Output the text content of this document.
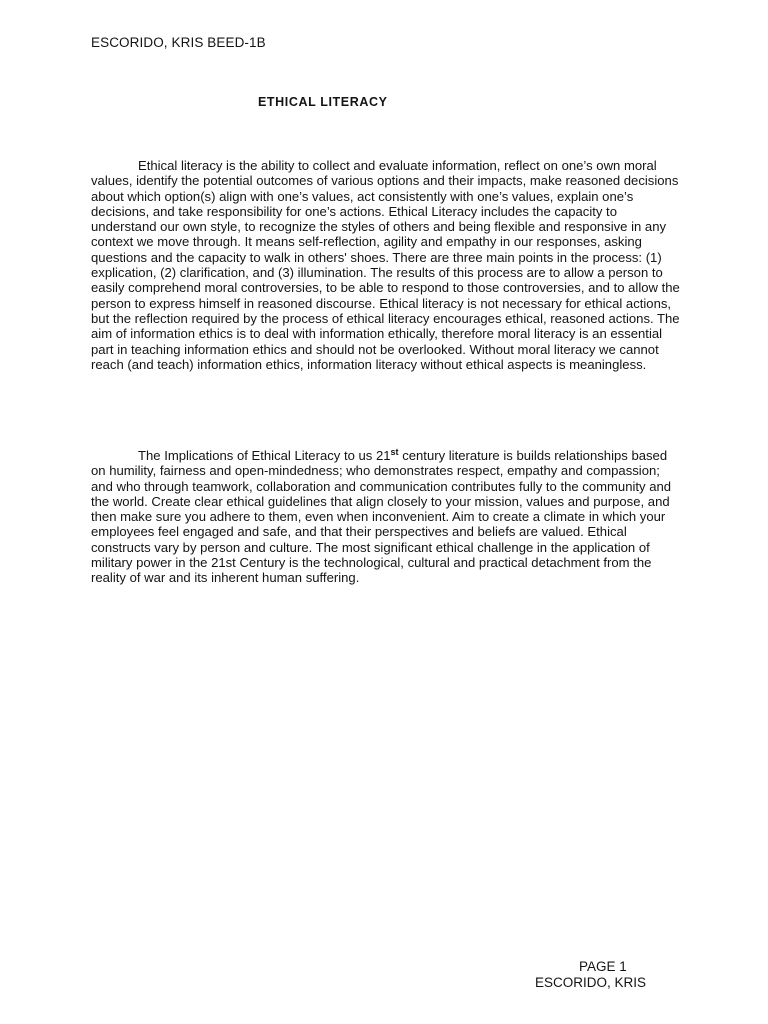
ESCORIDO, KRIS BEED-1B
ETHICAL LITERACY

Ethical literacy is the ability to collect and evaluate information, reflect on one’s own moral values, identify the potential outcomes of various options and their impacts, make reasoned decisions about which option(s) align with one’s values, act consistently with one’s values, explain one’s decisions, and take responsibility for one’s actions. Ethical Literacy includes the capacity to understand our own style, to recognize the styles of others and being flexible and responsive in any context we move through. It means self-reflection, agility and empathy in our responses, asking questions and the capacity to walk in others' shoes. There are three main points in the process: (1) explication, (2) clarification, and (3) illumination. The results of this process are to allow a person to easily comprehend moral controversies, to be able to respond to those controversies, and to allow the person to express himself in reasoned discourse. Ethical literacy is not necessary for ethical actions, but the reflection required by the process of ethical literacy encourages ethical, reasoned actions. The aim of information ethics is to deal with information ethically, therefore moral literacy is an essential part in teaching information ethics and should not be overlooked. Without moral literacy we cannot reach (and teach) information ethics, information literacy without ethical aspects is meaningless.

The Implications of Ethical Literacy to us 21st century literature is builds relationships based on humility, fairness and open-mindedness; who demonstrates respect, empathy and compassion; and who through teamwork, collaboration and communication contributes fully to the community and the world. Create clear ethical guidelines that align closely to your mission, values and purpose, and then make sure you adhere to them, even when inconvenient. Aim to create a climate in which your employees feel engaged and safe, and that their perspectives and beliefs are valued. Ethical constructs vary by person and culture. The most significant ethical challenge in the application of military power in the 21st Century is the technological, cultural and practical detachment from the reality of war and its inherent human suffering.

PAGE 1
ESCORIDO, KRIS
